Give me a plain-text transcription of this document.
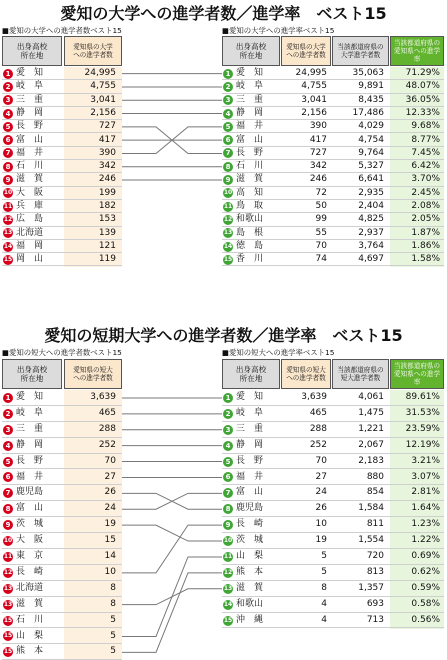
愛知の大学への進学者数／進学率　ベスト15
■愛知の大学への進学者数ベスト15	■愛知の大学への進学率ベスト15
愛知の短期大学への進学者数／進学率　ベスト15
■愛知の短大への進学者数ベスト15	■愛知の短大への進学率ベスト15
出身高校
所在地
愛知県の大学
への進学者数
1 愛　知	24,995
2 岐　阜	4,755
3 三　重	3,041
4 静　岡	2,156
5 長　野	727
6 富　山	417
7 福　井	390
8 石　川	342
9 滋　賀	246
10 大　阪	199
11 兵　庫	182
12 広　島	153
13 北海道	139
14 福　岡	121
15 岡　山	119
出身高校
所在地
愛知県の大学
への進学者数
当該都道府県の
大学進学者数
当該都道府県の
愛知県への進学率
1 愛　知	24,995	35,063	71.29%
2 岐　阜	4,755	9,891	48.07%
3 三　重	3,041	8,435	36.05%
4 静　岡	2,156	17,486	12.33%
5 福　井	390	4,029	9.68%
6 富　山	417	4,754	8.77%
7 長　野	727	9,764	7.45%
8 石　川	342	5,327	6.42%
9 滋　賀	246	6,641	3.70%
10 高　知	72	2,935	2.45%
11 鳥　取	50	2,404	2.08%
12 和歌山	99	4,825	2.05%
13 島　根	55	2,937	1.87%
14 徳　島	70	3,764	1.86%
15 香　川	74	4,697	1.58%
出身高校
所在地
愛知県の短大
への進学者数
1 愛　知	3,639
2 岐　阜	465
3 三　重	288
4 静　岡	252
5 長　野	70
6 福　井	27
7 鹿児島	26
8 富　山	24
9 茨　城	19
10 大　阪	15
11 東　京	14
12 長　崎	10
13 北海道	8
13 滋　賀	8
15 石　川	5
15 山　梨	5
15 熊　本	5
出身高校
所在地
愛知県の短大
への進学者数
当該都道府県の
短大進学者数
当該都道府県の
愛知県への進学率
1 愛　知	3,639	4,061	89.61%
2 岐　阜	465	1,475	31.53%
3 三　重	288	1,221	23.59%
4 静　岡	252	2,067	12.19%
5 長　野	70	2,183	3.21%
6 福　井	27	880	3.07%
7 富　山	24	854	2.81%
8 鹿児島	26	1,584	1.64%
9 長　崎	10	811	1.23%
10 茨　城	19	1,554	1.22%
11 山　梨	5	720	0.69%
12 熊　本	5	813	0.62%
13 滋　賀	8	1,357	0.59%
14 和歌山	4	693	0.58%
15 沖　縄	4	713	0.56%
